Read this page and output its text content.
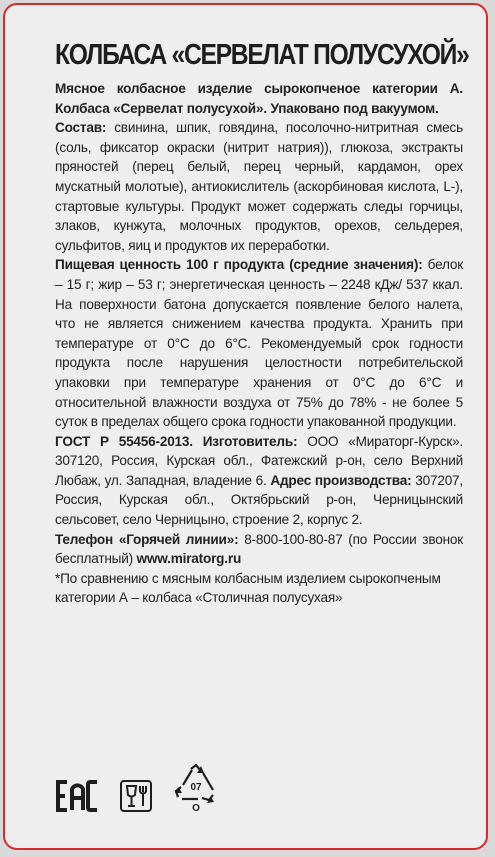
КОЛБАСА «СЕРВЕЛАТ ПОЛУСУХОЙ»

Мясное колбасное изделие сырокопченое категории А. Колбаса «Сервелат полусухой». Упаковано под вакуумом.

Состав: свинина, шпик, говядина, посолочно-нитритная смесь (соль, фиксатор окраски (нитрит натрия)), глюкоза, экстракты пряностей (перец белый, перец черный, кардамон, орех мускатный молотые), антиокислитель (аскорбиновая кислота, L-), стартовые культуры. Продукт может содержать следы горчицы, злаков, кунжута, молочных продуктов, орехов, сельдерея, сульфитов, яиц и продуктов их переработки.

Пищевая ценность 100 г продукта (средние значения): белок – 15 г; жир – 53 г; энергетическая ценность – 2248 кДж/ 537 ккал. На поверхности батона допускается появление белого налета, что не является снижением качества продукта. Хранить при температуре от 0°С до 6°С. Рекомендуемый срок годности продукта после нарушения целостности потребительской упаковки при температуре хранения от 0°С до 6°С и относительной влажности воздуха от 75% до 78% - не более 5 суток в пределах общего срока годности упакованной продукции.

ГОСТ Р 55456-2013. Изготовитель: ООО «Мираторг-Курск». 307120, Россия, Курская обл., Фатежский р-он, село Верхний Любаж, ул. Западная, владение 6. Адрес производства: 307207, Россия, Курская обл., Октябрьский р-он, Черницынский сельсовет, село Черницыно, строение 2, корпус 2.

Телефон «Горячей линии»: 8-800-100-80-87 (по России звонок бесплатный) www.miratorg.ru

*По сравнению с мясным колбасным изделием сырокопченым категории А – колбаса «Столичная полусухая»

07
O
